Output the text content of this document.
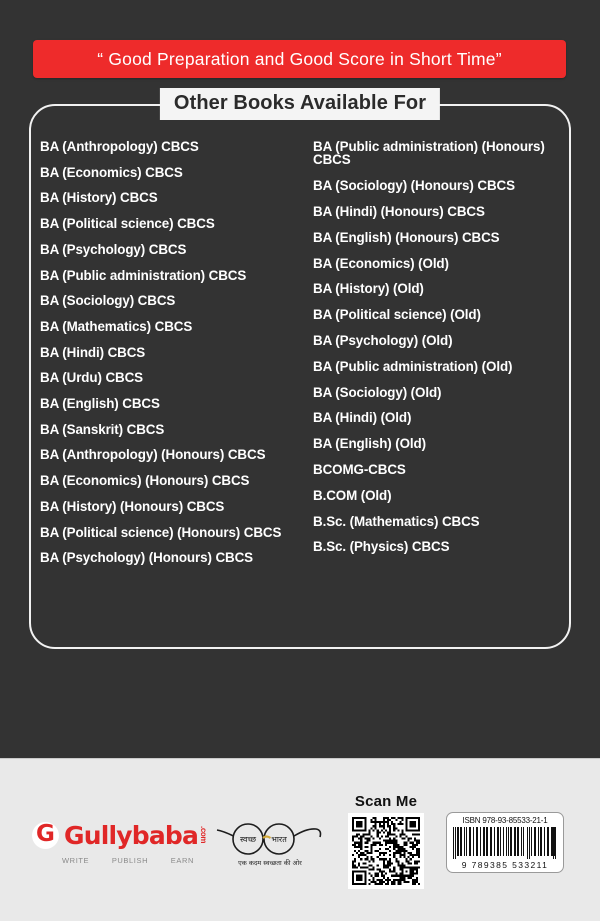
“ Good Preparation and Good Score in Short Time”
Other Books Available For
BA (Anthropology) CBCS
BA (Economics) CBCS
BA (History) CBCS
BA (Political science) CBCS
BA (Psychology) CBCS
BA (Public administration) CBCS
BA (Sociology) CBCS
BA (Mathematics) CBCS
BA (Hindi) CBCS
BA (Urdu) CBCS
BA (English) CBCS
BA (Sanskrit) CBCS
BA (Anthropology) (Honours) CBCS
BA (Economics) (Honours) CBCS
BA (History) (Honours) CBCS
BA (Political science) (Honours) CBCS
BA (Psychology) (Honours) CBCS
BA (Public administration) (Honours) CBCS
BA (Sociology) (Honours) CBCS
BA (Hindi) (Honours) CBCS
BA (English) (Honours) CBCS
BA (Economics) (Old)
BA (History) (Old)
BA (Political science) (Old)
BA (Psychology) (Old)
BA (Public administration) (Old)
BA (Sociology) (Old)
BA (Hindi) (Old)
BA (English) (Old)
BCOMG-CBCS
B.COM (Old)
B.Sc. (Mathematics) CBCS
B.Sc. (Physics) CBCS
G Gullybaba .com
WRITE	PUBLISH	EARN
स्वच्छ भारत
एक कदम स्वच्छता की ओर
Scan Me
ISBN 978-93-85533-21-1
9 789385 533211
